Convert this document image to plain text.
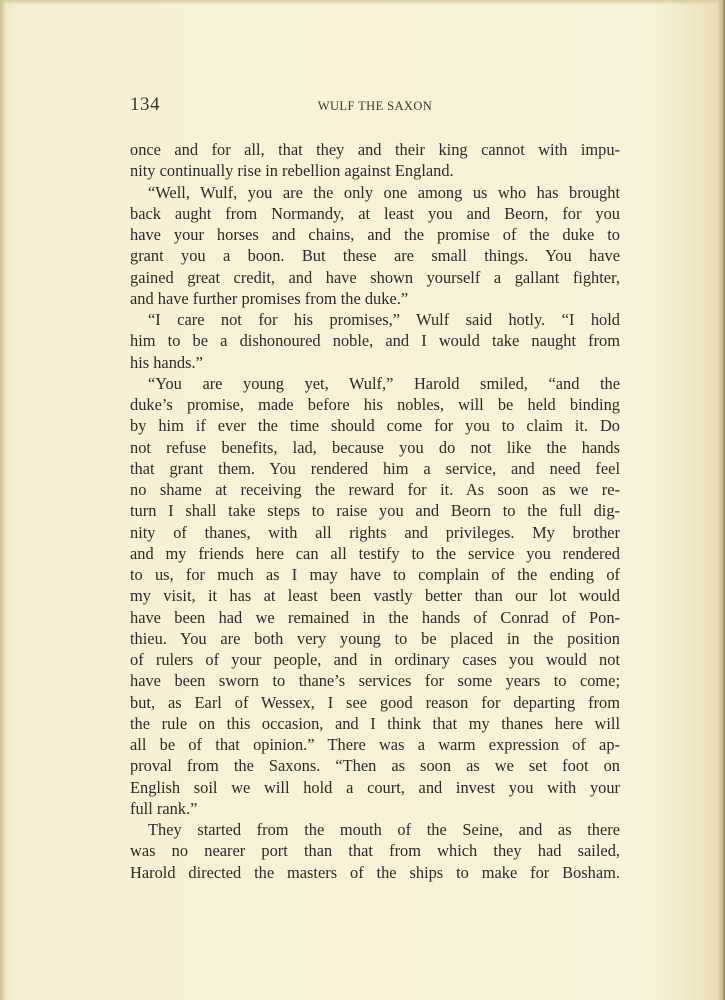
134	WULF THE SAXON
once and for all, that they and their king cannot with impu-
nity continually rise in rebellion against England.
“Well, Wulf, you are the only one among us who has brought
back aught from Normandy, at least you and Beorn, for you
have your horses and chains, and the promise of the duke to
grant you a boon. But these are small things. You have
gained great credit, and have shown yourself a gallant fighter,
and have further promises from the duke.”
“I care not for his promises,” Wulf said hotly. “I hold
him to be a dishonoured noble, and I would take naught from
his hands.”
“You are young yet, Wulf,” Harold smiled, “and the
duke’s promise, made before his nobles, will be held binding
by him if ever the time should come for you to claim it. Do
not refuse benefits, lad, because you do not like the hands
that grant them. You rendered him a service, and need feel
no shame at receiving the reward for it. As soon as we re-
turn I shall take steps to raise you and Beorn to the full dig-
nity of thanes, with all rights and privileges. My brother
and my friends here can all testify to the service you rendered
to us, for much as I may have to complain of the ending of
my visit, it has at least been vastly better than our lot would
have been had we remained in the hands of Conrad of Pon-
thieu. You are both very young to be placed in the position
of rulers of your people, and in ordinary cases you would not
have been sworn to thane’s services for some years to come;
but, as Earl of Wessex, I see good reason for departing from
the rule on this occasion, and I think that my thanes here will
all be of that opinion.” There was a warm expression of ap-
proval from the Saxons. “Then as soon as we set foot on
English soil we will hold a court, and invest you with your
full rank.”
They started from the mouth of the Seine, and as there
was no nearer port than that from which they had sailed,
Harold directed the masters of the ships to make for Bosham.
